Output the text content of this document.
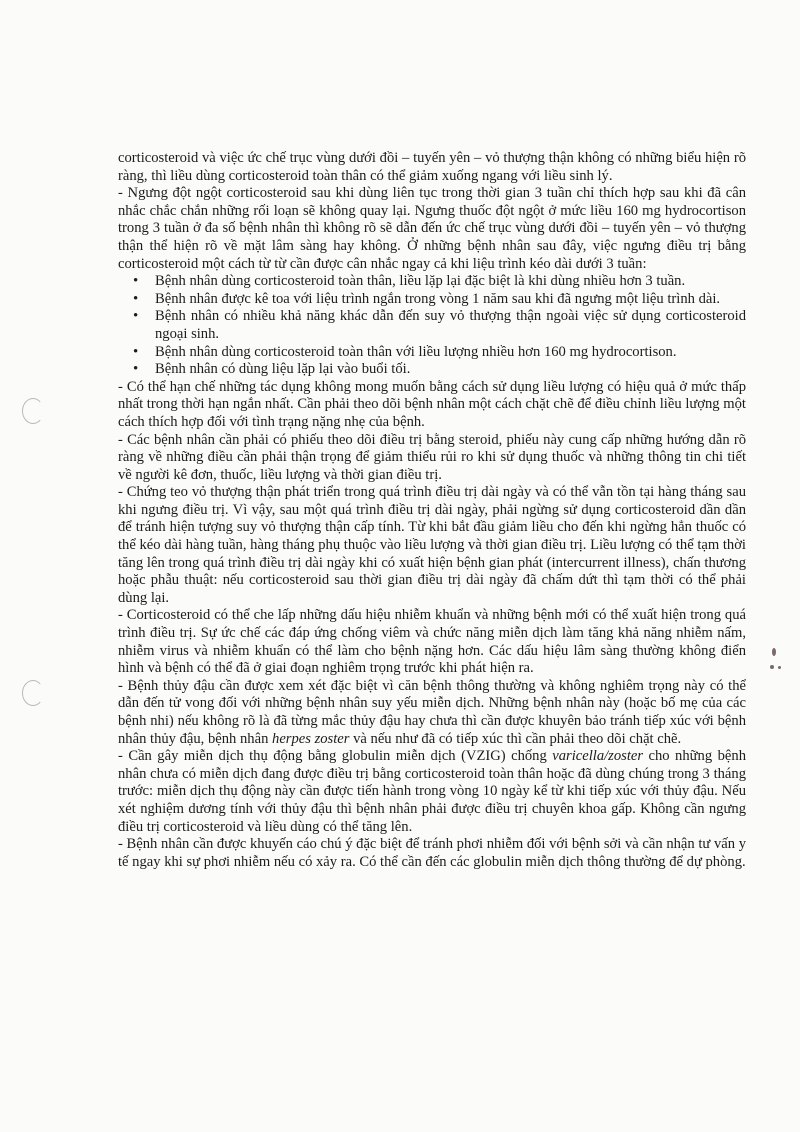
corticosteroid và việc ức chế trục vùng dưới đồi – tuyến yên – vỏ thượng thận không có những biểu hiện rõ ràng, thì liều dùng corticosteroid toàn thân có thể giảm xuống ngang với liều sinh lý.

- Ngưng đột ngột corticosteroid sau khi dùng liên tục trong thời gian 3 tuần chỉ thích hợp sau khi đã cân nhắc chắc chắn những rối loạn sẽ không quay lại. Ngưng thuốc đột ngột ở mức liều 160 mg hydrocortison trong 3 tuần ở đa số bệnh nhân thì không rõ sẽ dẫn đến ức chế trục vùng dưới đồi – tuyến yên – vỏ thượng thận thể hiện rõ về mặt lâm sàng hay không. Ở những bệnh nhân sau đây, việc ngưng điều trị bằng corticosteroid một cách từ từ cần được cân nhắc ngay cả khi liệu trình kéo dài dưới 3 tuần:

• Bệnh nhân dùng corticosteroid toàn thân, liều lặp lại đặc biệt là khi dùng nhiều hơn 3 tuần.
• Bệnh nhân được kê toa với liệu trình ngắn trong vòng 1 năm sau khi đã ngưng một liệu trình dài.
• Bệnh nhân có nhiều khả năng khác dẫn đến suy vỏ thượng thận ngoài việc sử dụng corticosteroid ngoại sinh.
• Bệnh nhân dùng corticosteroid toàn thân với liều lượng nhiều hơn 160 mg hydrocortison.
• Bệnh nhân có dùng liệu lặp lại vào buổi tối.

- Có thể hạn chế những tác dụng không mong muốn bằng cách sử dụng liều lượng có hiệu quả ở mức thấp nhất trong thời hạn ngắn nhất. Cần phải theo dõi bệnh nhân một cách chặt chẽ để điều chỉnh liều lượng một cách thích hợp đối với tình trạng nặng nhẹ của bệnh.

- Các bệnh nhân cần phải có phiếu theo dõi điều trị bằng steroid, phiếu này cung cấp những hướng dẫn rõ ràng về những điều cần phải thận trọng để giảm thiểu rủi ro khi sử dụng thuốc và những thông tin chi tiết về người kê đơn, thuốc, liều lượng và thời gian điều trị.

- Chứng teo vỏ thượng thận phát triển trong quá trình điều trị dài ngày và có thể vẫn tồn tại hàng tháng sau khi ngưng điều trị. Vì vậy, sau một quá trình điều trị dài ngày, phải ngừng sử dụng corticosteroid dần dần để tránh hiện tượng suy vỏ thượng thận cấp tính. Từ khi bắt đầu giảm liều cho đến khi ngừng hẳn thuốc có thể kéo dài hàng tuần, hàng tháng phụ thuộc vào liều lượng và thời gian điều trị. Liều lượng có thể tạm thời tăng lên trong quá trình điều trị dài ngày khi có xuất hiện bệnh gian phát (intercurrent illness), chấn thương hoặc phẫu thuật: nếu corticosteroid sau thời gian điều trị dài ngày đã chấm dứt thì tạm thời có thể phải dùng lại.

- Corticosteroid có thể che lấp những dấu hiệu nhiễm khuẩn và những bệnh mới có thể xuất hiện trong quá trình điều trị. Sự ức chế các đáp ứng chống viêm và chức năng miễn dịch làm tăng khả năng nhiễm nấm, nhiễm virus và nhiễm khuẩn có thể làm cho bệnh nặng hơn. Các dấu hiệu lâm sàng thường không điển hình và bệnh có thể đã ở giai đoạn nghiêm trọng trước khi phát hiện ra.

- Bệnh thủy đậu cần được xem xét đặc biệt vì căn bệnh thông thường và không nghiêm trọng này có thể dẫn đến tử vong đối với những bệnh nhân suy yếu miễn dịch. Những bệnh nhân này (hoặc bố mẹ của các bệnh nhi) nếu không rõ là đã từng mắc thủy đậu hay chưa thì cần được khuyên bảo tránh tiếp xúc với bệnh nhân thủy đậu, bệnh nhân herpes zoster và nếu như đã có tiếp xúc thì cần phải theo dõi chặt chẽ.

- Cần gây miễn dịch thụ động bằng globulin miễn dịch (VZIG) chống varicella/zoster cho những bệnh nhân chưa có miễn dịch đang được điều trị bằng corticosteroid toàn thân hoặc đã dùng chúng trong 3 tháng trước: miễn dịch thụ động này cần được tiến hành trong vòng 10 ngày kể từ khi tiếp xúc với thủy đậu. Nếu xét nghiệm dương tính với thủy đậu thì bệnh nhân phải được điều trị chuyên khoa gấp. Không cần ngưng điều trị corticosteroid và liều dùng có thể tăng lên.

- Bệnh nhân cần được khuyến cáo chú ý đặc biệt để tránh phơi nhiễm đối với bệnh sởi và cần nhận tư vấn y tế ngay khi sự phơi nhiễm nếu có xảy ra. Có thể cần đến các globulin miễn dịch thông thường để dự phòng.
